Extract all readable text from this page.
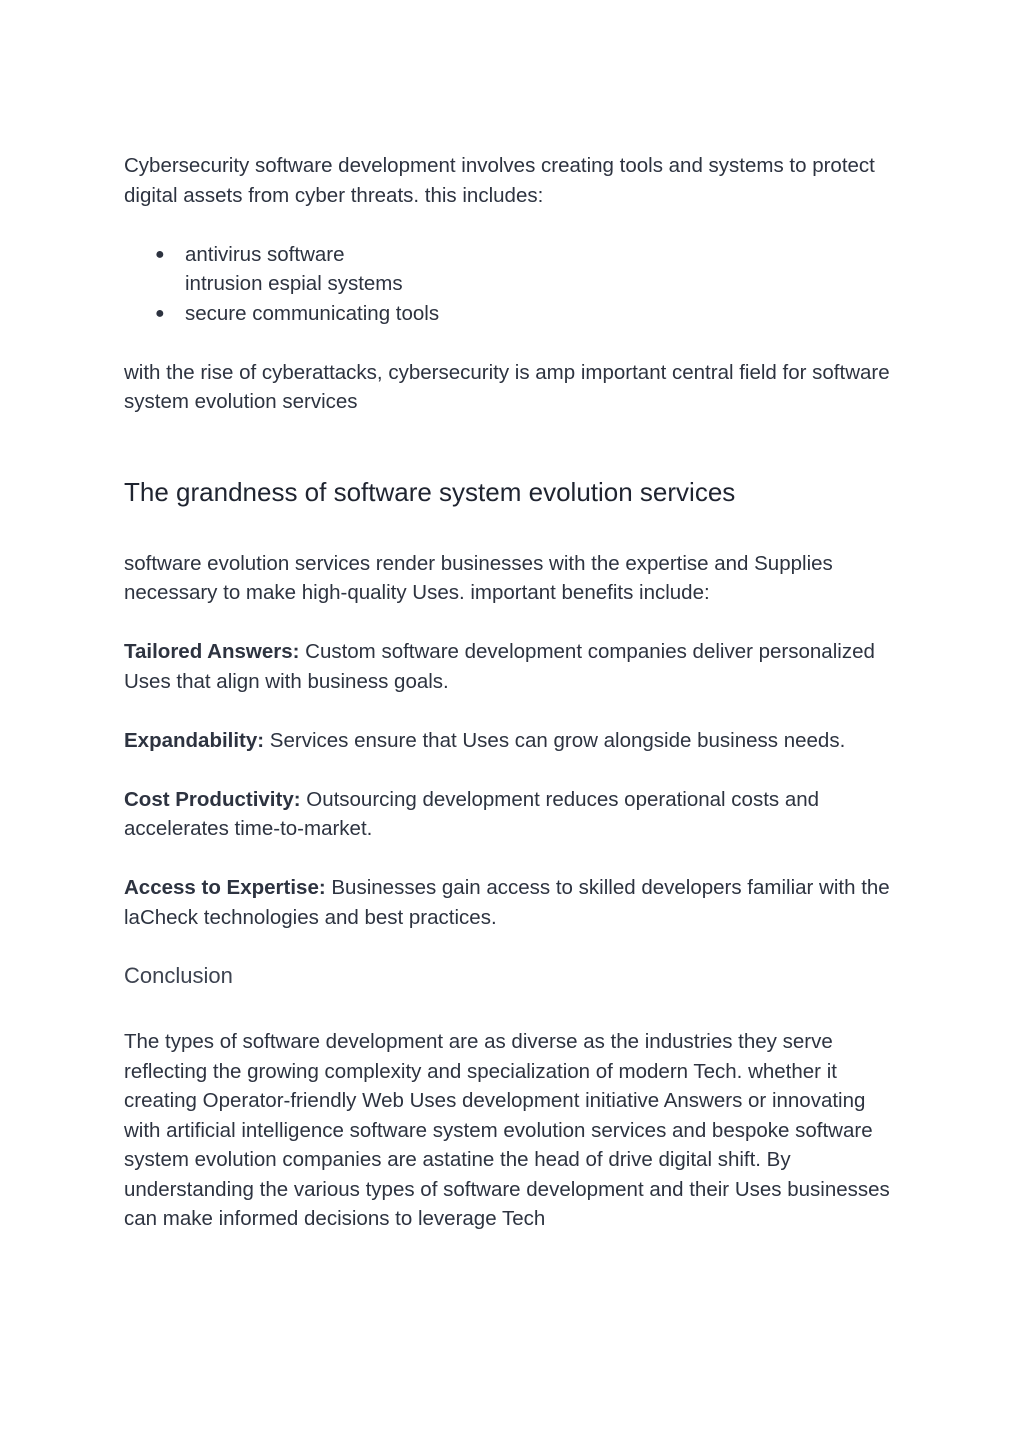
Cybersecurity software development involves creating tools and systems to protect digital assets from cyber threats. this includes:

● antivirus software
intrusion espial systems
● secure communicating tools

with the rise of cyberattacks, cybersecurity is amp important central field for software system evolution services

The grandness of software system evolution services

software evolution services render businesses with the expertise and Supplies necessary to make high-quality Uses. important benefits include:

Tailored Answers: Custom software development companies deliver personalized Uses that align with business goals.

Expandability: Services ensure that Uses can grow alongside business needs.

Cost Productivity: Outsourcing development reduces operational costs and accelerates time-to-market.

Access to Expertise: Businesses gain access to skilled developers familiar with the laCheck technologies and best practices.

Conclusion

The types of software development are as diverse as the industries they serve reflecting the growing complexity and specialization of modern Tech. whether it creating Operator-friendly Web Uses development initiative Answers or innovating with artificial intelligence software system evolution services and bespoke software system evolution companies are astatine the head of drive digital shift. By understanding the various types of software development and their Uses businesses can make informed decisions to leverage Tech
